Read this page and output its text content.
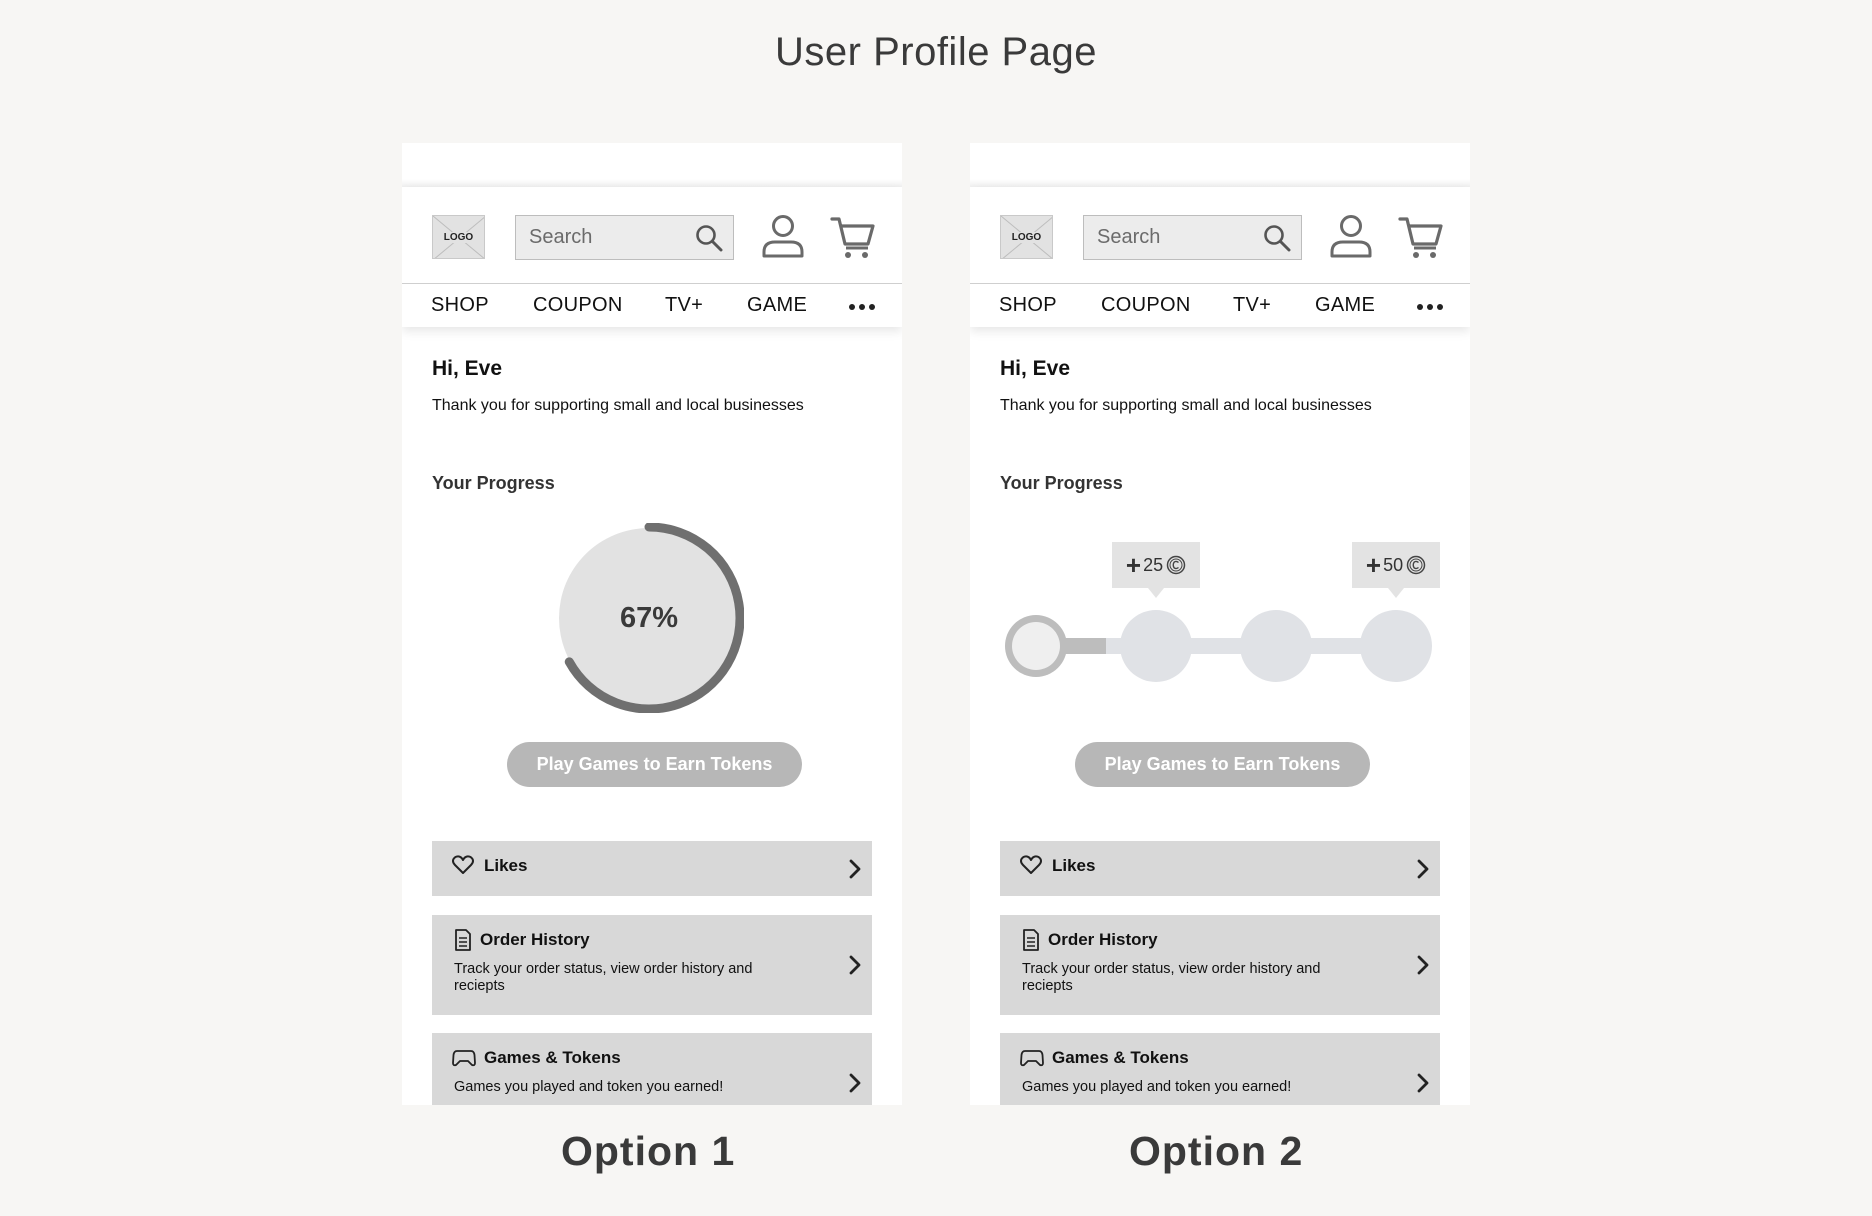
User Profile Page
LOGO
Search
SHOP COUPON TV+ GAME
Hi, Eve
Thank you for supporting small and local businesses
Your Progress
67%
Play Games to Earn Tokens
Likes
Order History
Track your order status, view order history and reciepts
Games & Tokens
Games you played and token you earned!
LOGO
Search
SHOP COUPON TV+ GAME
Hi, Eve
Thank you for supporting small and local businesses
Your Progress
+ 25	+ 50
Play Games to Earn Tokens
Likes
Order History
Track your order status, view order history and reciepts
Games & Tokens
Games you played and token you earned!
Option 1	Option 2
